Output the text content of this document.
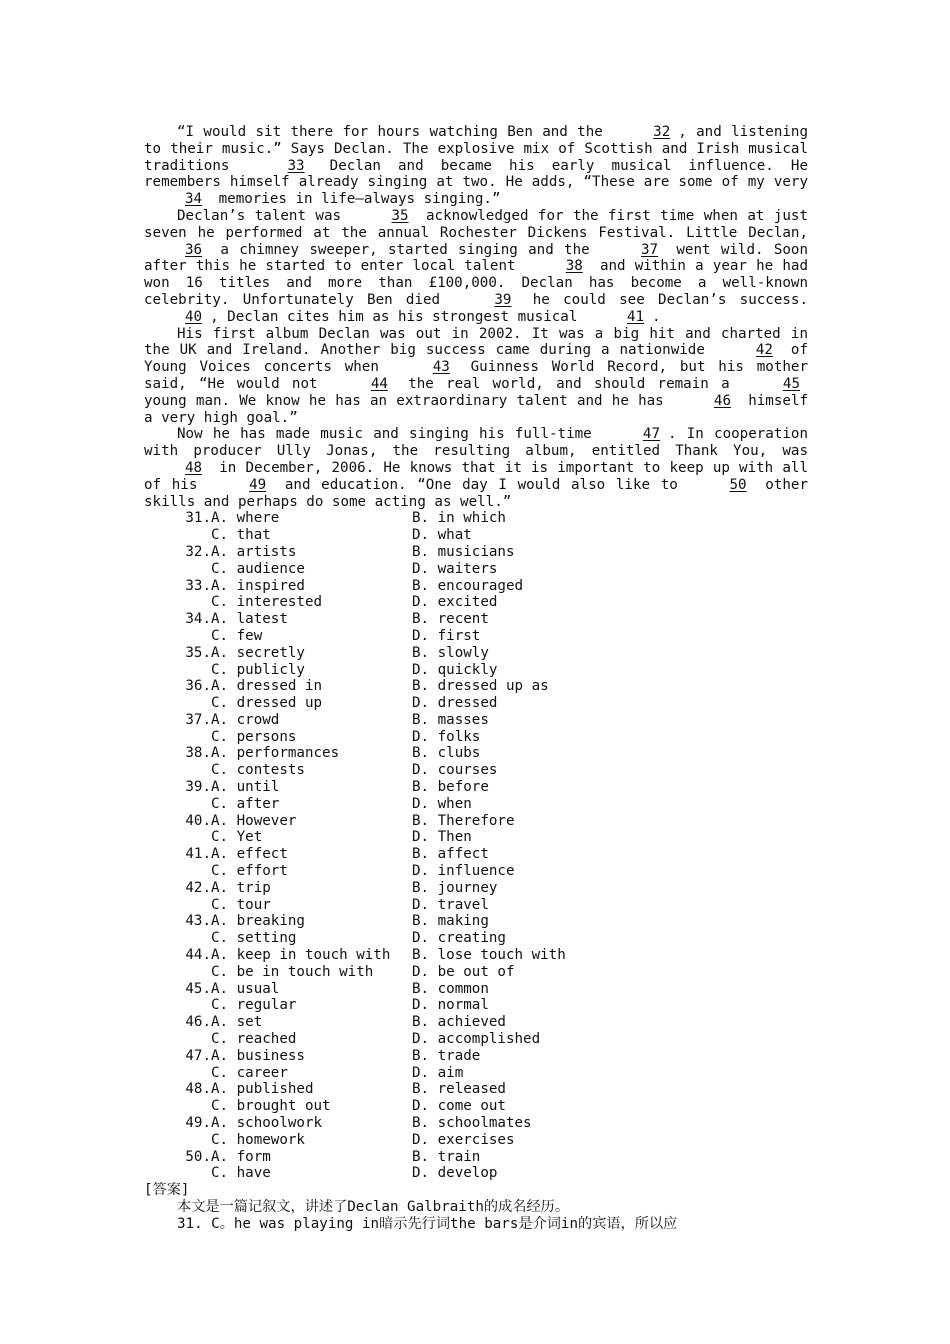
“I would sit there for hours watching Ben and the	32 , and listening to their music.” Says Declan. The explosive mix of Scottish and Irish musical traditions	33 Declan and became his early musical influence. He remembers himself already singing at two. He adds, “These are some of my very 34 memories in life—always singing.”

Declan’s talent was	35 acknowledged for the first time when at just seven he performed at the annual Rochester Dickens Festival. Little Declan, 36 a chimney sweeper, started singing and the	37 went wild. Soon after this he started to enter local talent	38 and within a year he had won 16 titles and more than £100,000. Declan has become a well-known celebrity. Unfortunately Ben died	39 he could see Declan’s success. 40 , Declan cites him as his strongest musical	41 .

His first album Declan was out in 2002. It was a big hit and charted in the UK and Ireland. Another big success came during a nationwide	42 of Young Voices concerts when	43 Guinness World Record, but his mother said, “He would not	44 the real world, and should remain a	45 young man. We know he has an extraordinary talent and he has	46 himself a very high goal.”

Now he has made music and singing his full-time	47 . In cooperation with producer Ully Jonas, the resulting album, entitled Thank You, was 48 in December, 2006. He knows that it is important to keep up with all of his	49 and education. “One day I would also like to	50 other skills and perhaps do some acting as well.”

31. A. where	B. in which
C. that	D. what
32. A. artists	B. musicians
C. audience	D. waiters
33. A. inspired	B. encouraged
C. interested	D. excited
34. A. latest	B. recent
C. few	D. first
35. A. secretly	B. slowly
C. publicly	D. quickly
36. A. dressed in	B. dressed up as
C. dressed up	D. dressed
37. A. crowd	B. masses
C. persons	D. folks
38. A. performances	B. clubs
C. contests	D. courses
39. A. until	B. before
C. after	D. when
40. A. However	B. Therefore
C. Yet	D. Then
41. A. effect	B. affect
C. effort	D. influence
42. A. trip	B. journey
C. tour	D. travel
43. A. breaking	B. making
C. setting	D. creating
44. A. keep in touch with	B. lose touch with
C. be in touch with	D. be out of
45. A. usual	B. common
C. regular	D. normal
46. A. set	B. achieved
C. reached	D. accomplished
47. A. business	B. trade
C. career	D. aim
48. A. published	B. released
C. brought out	D. come out
49. A. schoolwork	B. schoolmates
C. homework	D. exercises
50. A. form	B. train
C. have	D. develop
[答案]
本文是一篇记叙文，讲述了Declan Galbraith的成名经历。
31. C。he was playing in暗示先行词the bars是介词in的宾语，所以应
